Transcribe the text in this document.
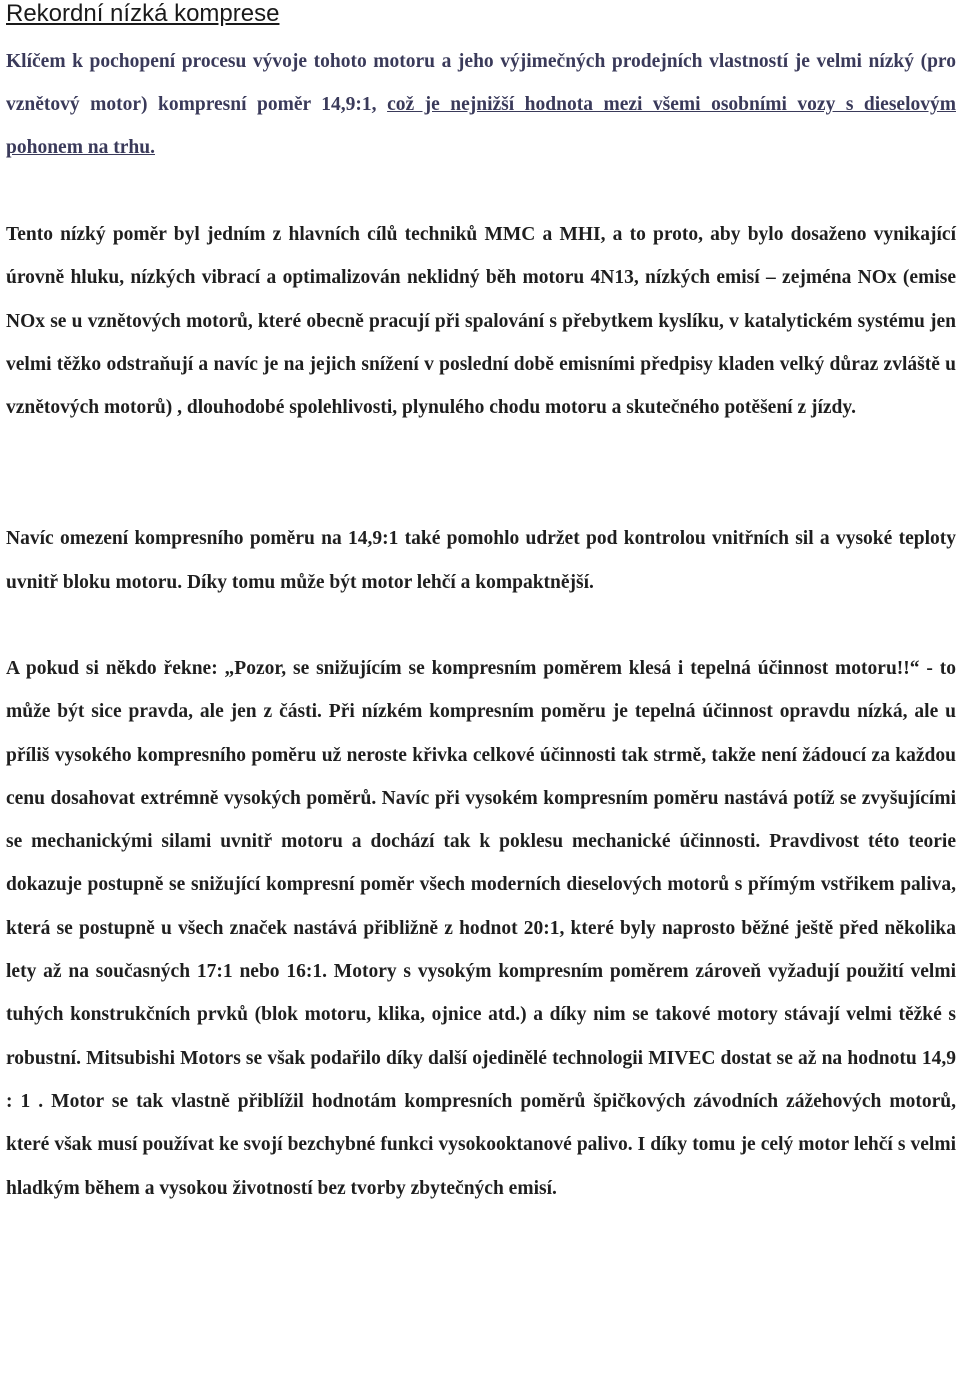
Rekordní nízká komprese

Klíčem k pochopení procesu vývoje tohoto motoru a jeho výjimečných prodejních vlastností je velmi nízký (pro vznětový motor) kompresní poměr 14,9:1, což je nejnižší hodnota mezi všemi osobními vozy s dieselovým pohonem na trhu.

Tento nízký poměr byl jedním z hlavních cílů techniků MMC a MHI, a to proto, aby bylo dosaženo vynikající úrovně hluku, nízkých vibrací a optimalizován neklidný běh motoru 4N13, nízkých emisí – zejména NOx (emise NOx se u vznětových motorů, které obecně pracují při spalování s přebytkem kyslíku, v katalytickém systému jen velmi těžko odstraňují a navíc je na jejich snížení v poslední době emisními předpisy kladen velký důraz zvláště u vznětových motorů) , dlouhodobé spolehlivosti, plynulého chodu motoru a skutečného potěšení z jízdy.

Navíc omezení kompresního poměru na 14,9:1 také pomohlo udržet pod kontrolou vnitřních sil a vysoké teploty uvnitř bloku motoru. Díky tomu může být motor lehčí a kompaktnější.

A pokud si někdo řekne: „Pozor, se snižujícím se kompresním poměrem klesá i tepelná účinnost motoru!!“ - to může být sice pravda, ale jen z části. Při nízkém kompresním poměru je tepelná účinnost opravdu nízká, ale u příliš vysokého kompresního poměru už neroste křivka celkové účinnosti tak strmě, takže není žádoucí za každou cenu dosahovat extrémně vysokých poměrů. Navíc při vysokém kompresním poměru nastává potíž se zvyšujícími se mechanickými silami uvnitř motoru a dochází tak k poklesu mechanické účinnosti. Pravdivost této teorie dokazuje postupně se snižující kompresní poměr všech moderních dieselových motorů s přímým vstřikem paliva, která se postupně u všech značek nastává přibližně z hodnot 20:1, které byly naprosto běžné ještě před několika lety až na současných 17:1 nebo 16:1. Motory s vysokým kompresním poměrem zároveň vyžadují použití velmi tuhých konstrukčních prvků (blok motoru, klika, ojnice atd.) a díky nim se takové motory stávají velmi těžké s robustní. Mitsubishi Motors se však podařilo díky další ojedinělé technologii MIVEC dostat se až na hodnotu 14,9 : 1 . Motor se tak vlastně přiblížil hodnotám kompresních poměrů špičkových závodních zážehových motorů, které však musí používat ke svojí bezchybné funkci vysokooktanové palivo. I díky tomu je celý motor lehčí s velmi hladkým během a vysokou životností bez tvorby zbytečných emisí.
